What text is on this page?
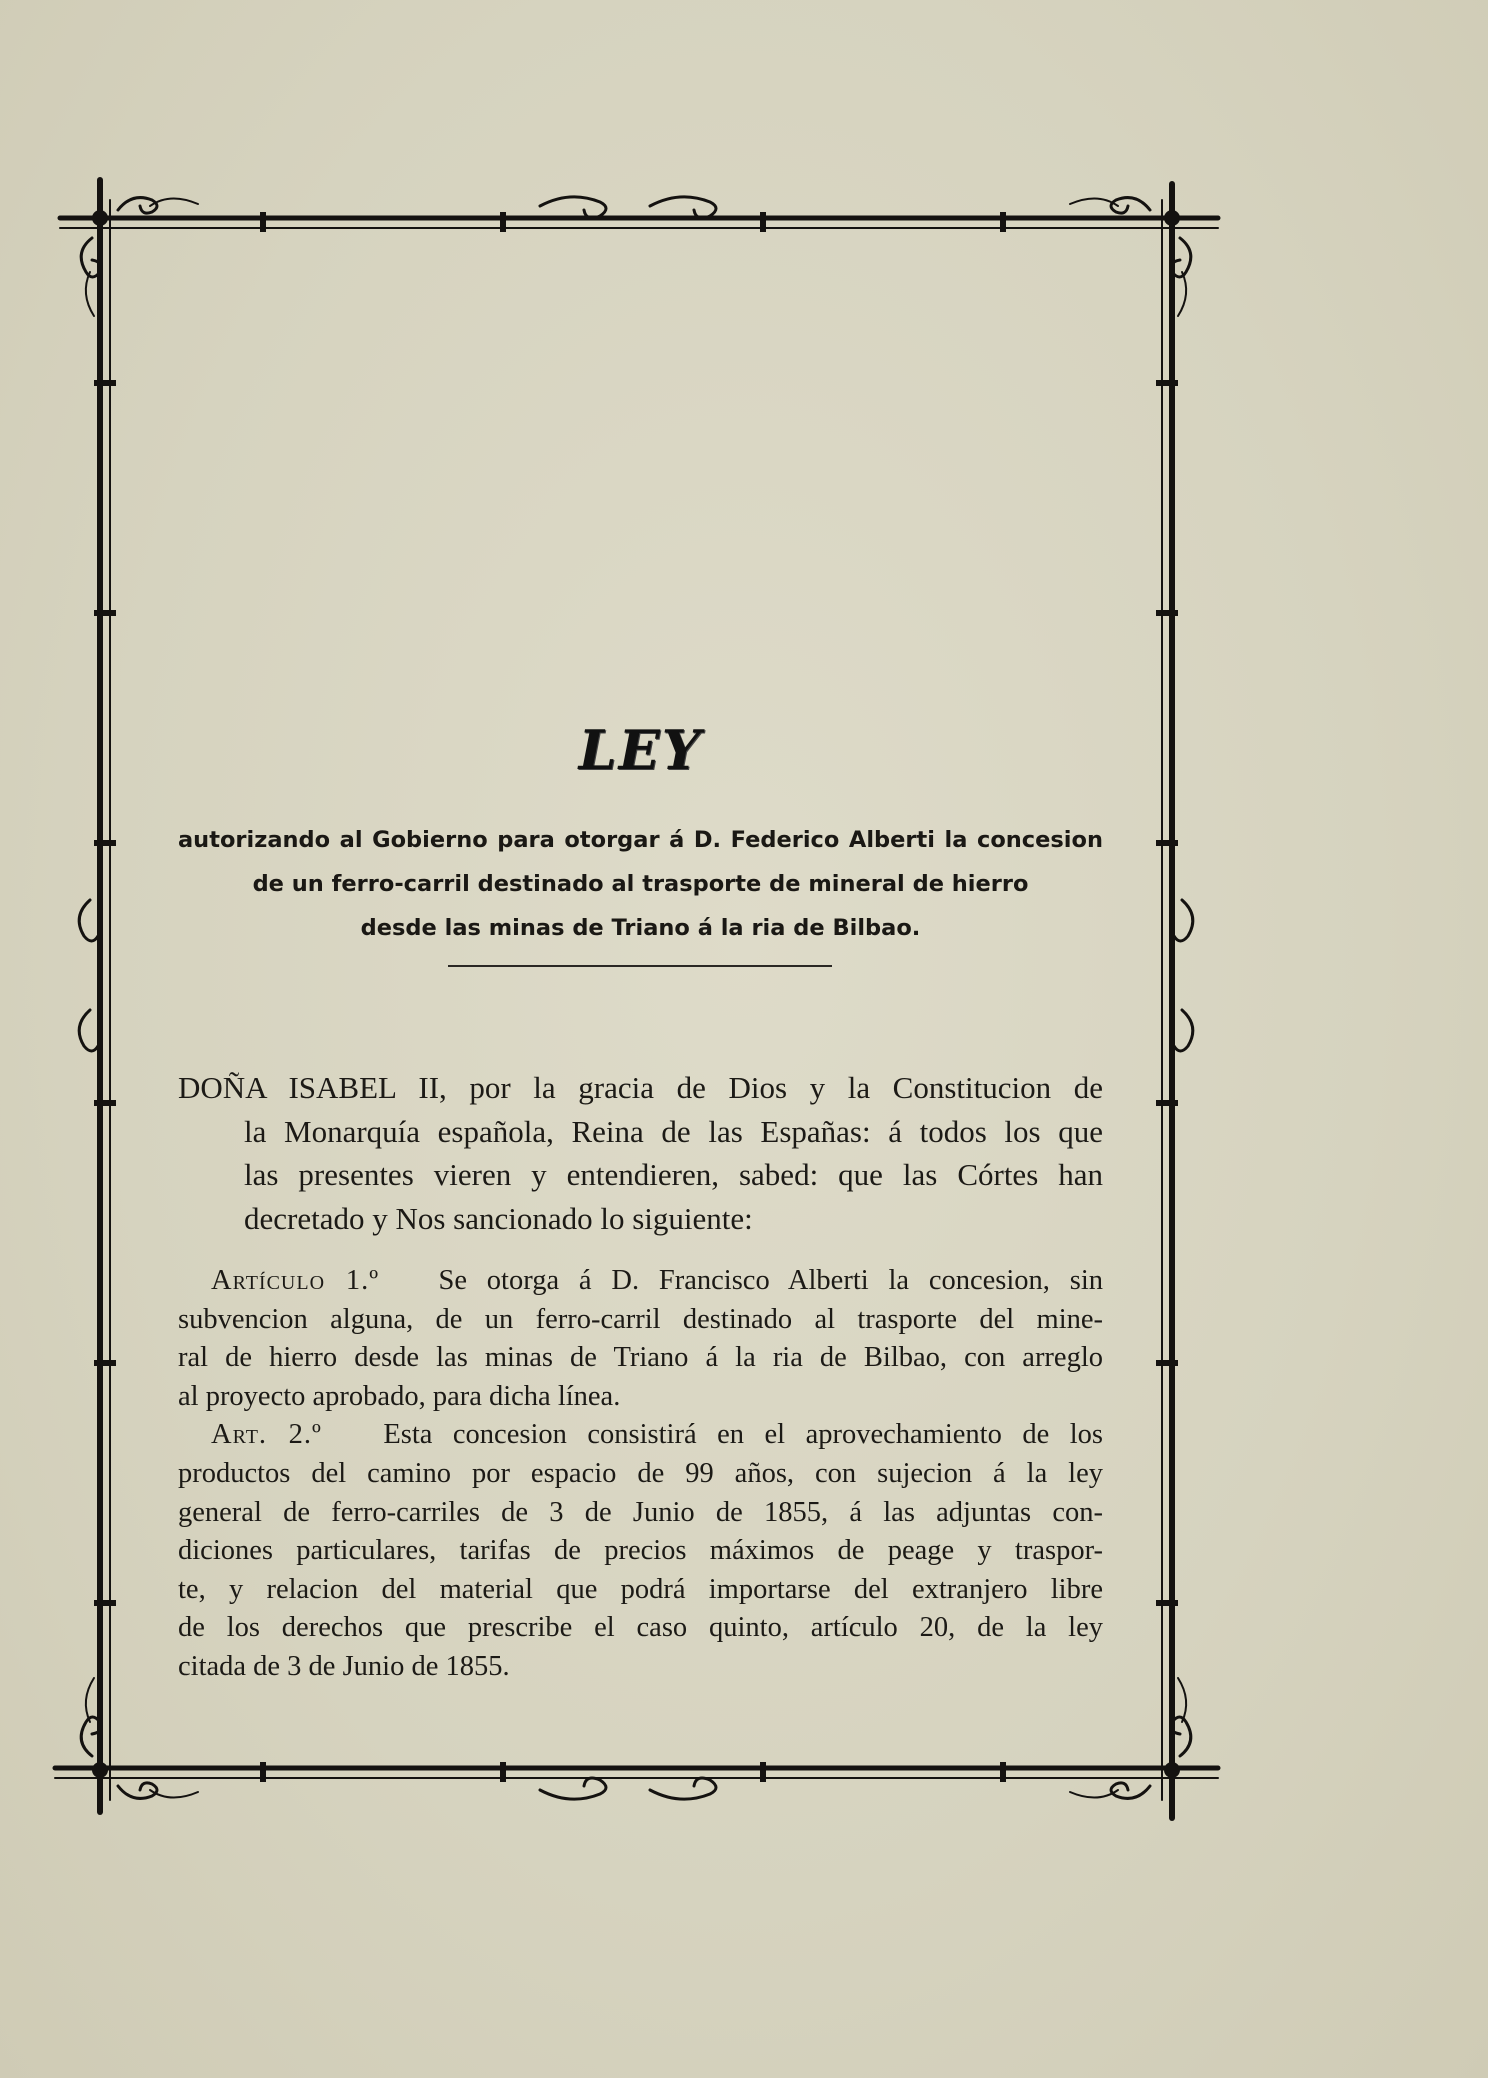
LEY
autorizando al Gobierno para otorgar á D. Federico Alberti la concesion
de un ferro-carril destinado al trasporte de mineral de hierro
desde las minas de Triano á la ria de Bilbao.
DOÑA ISABEL II, por la gracia de Dios y la Constitucion de
la Monarquía española, Reina de las Españas: á todos los que
las presentes vieren y entendieren, sabed: que las Córtes han
decretado y Nos sancionado lo siguiente:
Artículo 1.º Se otorga á D. Francisco Alberti la concesion, sin
subvencion alguna, de un ferro-carril destinado al trasporte del mine-
ral de hierro desde las minas de Triano á la ria de Bilbao, con arreglo
al proyecto aprobado, para dicha línea.
Art. 2.º Esta concesion consistirá en el aprovechamiento de los
productos del camino por espacio de 99 años, con sujecion á la ley
general de ferro-carriles de 3 de Junio de 1855, á las adjuntas con-
diciones particulares, tarifas de precios máximos de peage y traspor-
te, y relacion del material que podrá importarse del extranjero libre
de los derechos que prescribe el caso quinto, artículo 20, de la ley
citada de 3 de Junio de 1855.
